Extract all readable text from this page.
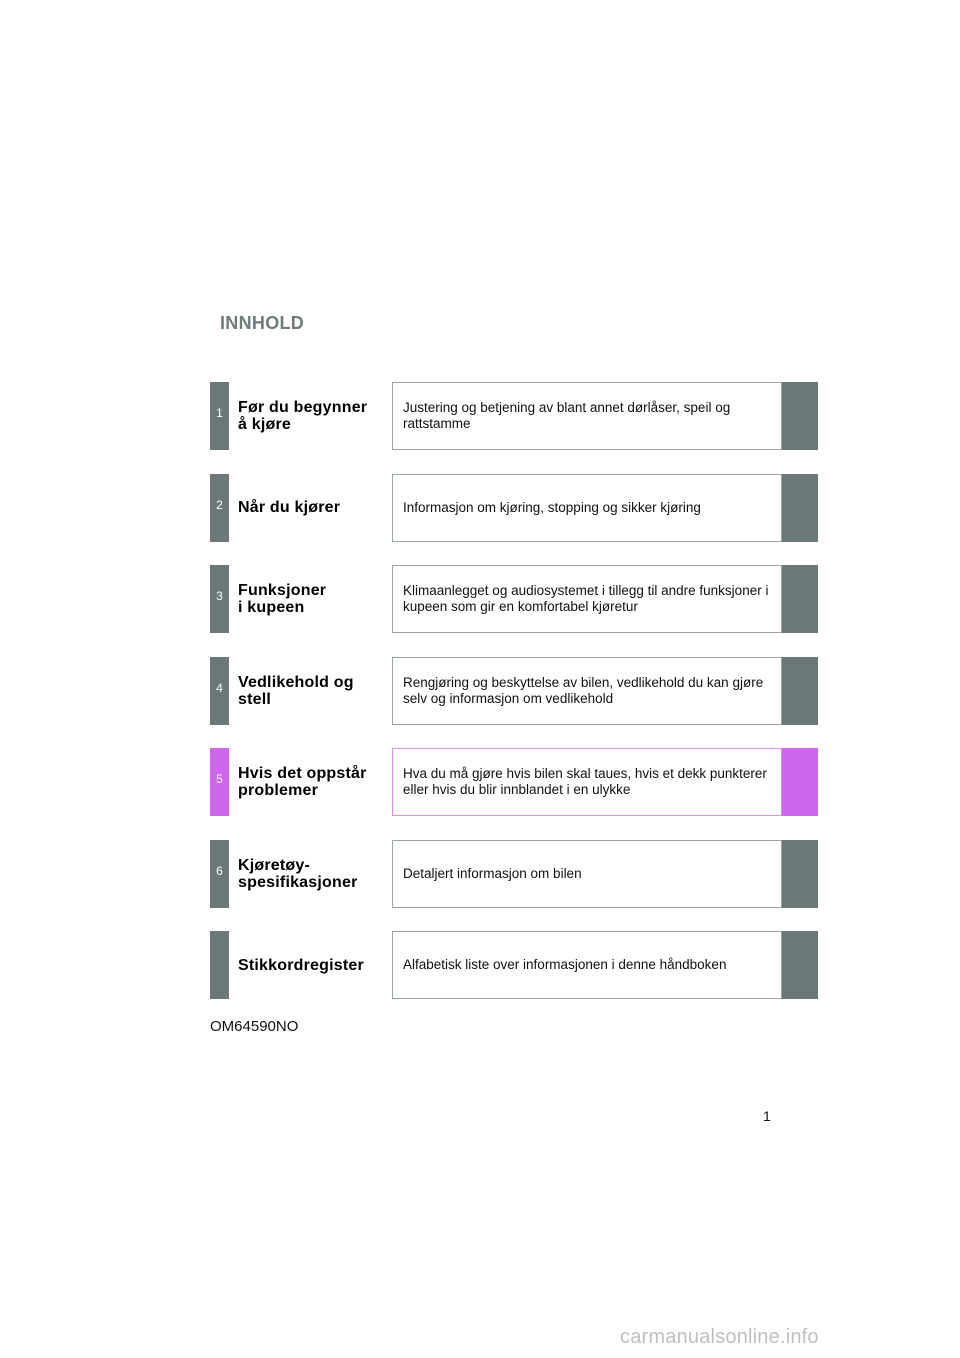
INNHOLD
1 Før du begynner
å kjøre
Justering og betjening av blant annet dørlåser, speil og rattstamme
2 Når du kjører	Informasjon om kjøring, stopping og sikker kjøring
3 Funksjoner
i kupeen
Klimaanlegget og audiosystemet i tillegg til andre funksjoner i kupeen som gir en komfortabel kjøretur
4 Vedlikehold og
stell
Rengjøring og beskyttelse av bilen, vedlikehold du kan gjøre selv og informasjon om vedlikehold
5 Hvis det oppstår
problemer
Hva du må gjøre hvis bilen skal taues, hvis et dekk punkterer eller hvis du blir innblandet i en ulykke
6 Kjøretøy-
spesifikasjoner
Detaljert informasjon om bilen
Stikkordregister	Alfabetisk liste over informasjonen i denne håndboken
OM64590NO
1
carmanualsonline.info
